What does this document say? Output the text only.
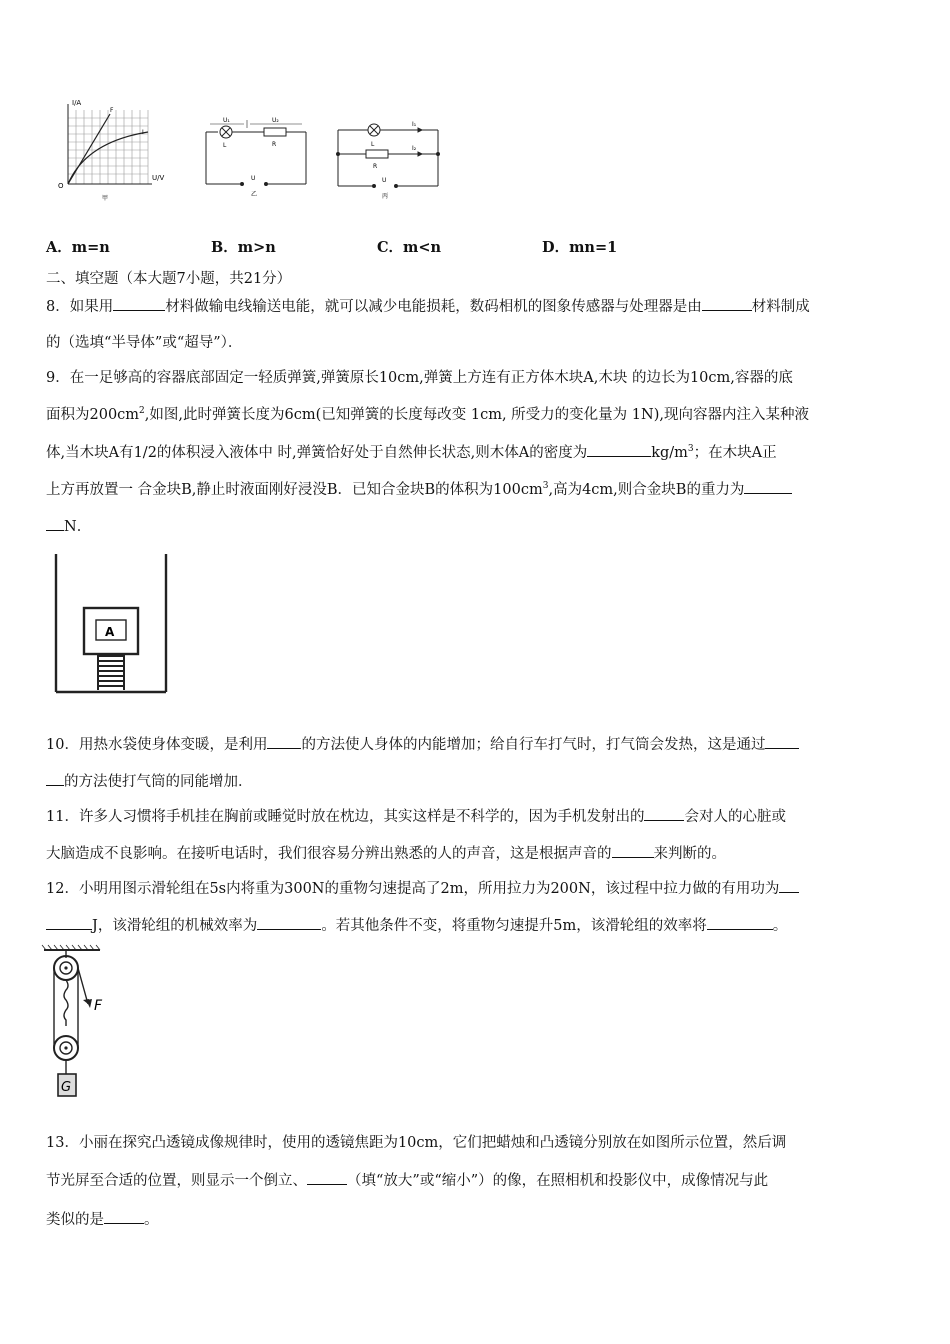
I/A
U/V
O
F
I
甲
U₁	U₂
L	R
U
乙
L
R
I₁
I₂
U
丙
A．m=n	B．m>n	C．m<n	D．mn=1
二、填空题（本大题7小题，共21分）
8．如果用	材料做输电线输送电能，就可以减少电能损耗，数码相机的图象传感器与处理器是由	材料制成
的（选填“半导体”或“超导”）．
9．在一足够高的容器底部固定一轻质弹簧,弹簧原长10cm,弹簧上方连有正方体木块A,木块 的边长为10cm,容器的底
面积为$200cm^2$,如图,此时弹簧长度为6cm(已知弹簧的长度每改变 1cm, 所受力的变化量为 1N),现向容器内注入某种液
体,当木块A有1/2的体积浸入液体中 时,弹簧恰好处于自然伸长状态,则木体A的密度为	$kg/m^3$；在木块A正
上方再放置一 合金块B,静止时液面刚好浸没B．已知合金块B的体积为$100cm^3$,高为4cm,则合金块B的重力为
N．
A
10．用热水袋使身体变暖，是利用 的方法使人身体的内能增加；给自行车打气时，打气筒会发热，这是通过
的方法使打气筒的同能增加．
11．许多人习惯将手机挂在胸前或睡觉时放在枕边，其实这样是不科学的，因为手机发射出的	会对人的心脏或
大脑造成不良影响。在接听电话时，我们很容易分辨出熟悉的人的声音，这是根据声音的	来判断的。
12．小明用图示滑轮组在5s内将重为300N的重物匀速提高了2m，所用拉力为200N，该过程中拉力做的有用功为
J，该滑轮组的机械效率为	。若其他条件不变，将重物匀速提升5m，该滑轮组的效率将	。
F
G
13．小丽在探究凸透镜成像规律时，使用的透镜焦距为10cm，它们把蜡烛和凸透镜分别放在如图所示位置，然后调
节光屏至合适的位置，则显示一个倒立、	（填“放大”或“缩小”）的像，在照相机和投影仪中，成像情况与此
类似的是	。
